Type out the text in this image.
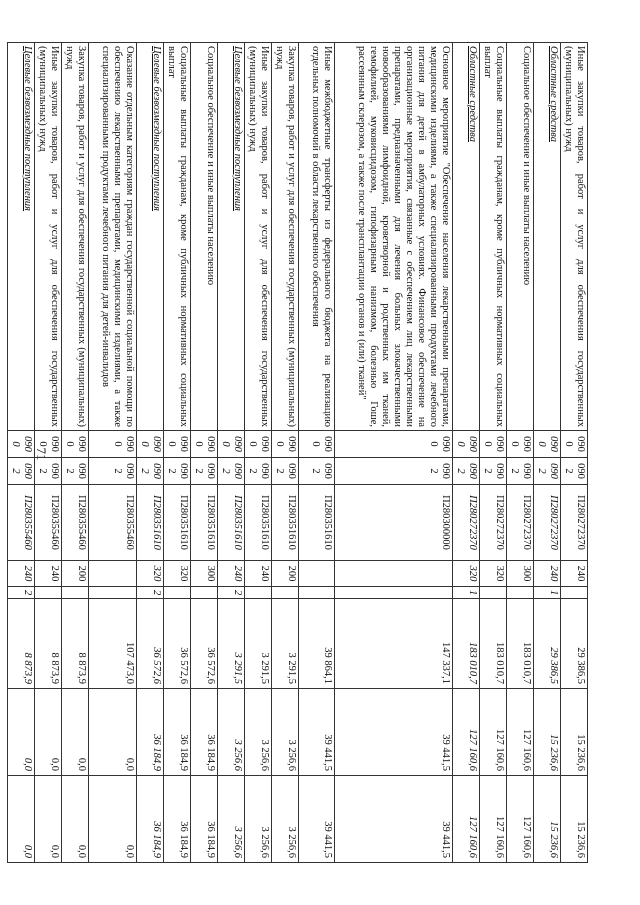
71
Иные закупки товаров, работ и услуг для обеспечения государственных (муниципальных) нужд	0900	0902	П280272370	240		29 386,5	15 236,6	15 236,6
Областные средства	0900	0902	П280272370	240	1	29 386,5	15 236,6	15 236,6
Социальное обеспечение и иные выплаты населению	0900	0902	П280272370	300		183 010,7	127 160,6	127 160,6
Социальные выплаты гражданам, кроме публичных нормативных социальных выплат	0900	0902	П280272370	320		183 010,7	127 160,6	127 160,6
Областные средства	0900	0902	П280272370	320	1	183 010,7	127 160,6	127 160,6
Основное мероприятие "Обеспечение населения лекарственными препаратами, медицинскими изделиями, а также специализированными продуктами лечебного питания для детей в амбулаторных условиях. Финансовое обеспечение на организационные мероприятия, связанные с обеспечением лиц лекарственными препаратами, предназначенными для лечения больных злокачественными новообразованиями лимфоидной, кроветворной и родственных им тканей, гемофилией, муковисцидозом, гипофизарным нанизмом, болезнью Гоше, рассеянным склерозом, а также после трансплантации органов и (или) тканей"	0900	0902	П280300000			147 337,1	39 441,5	39 441,5
Иные межбюджетные трансферты из федерального бюджета на реализацию отдельных полномочий в области лекарственного обеспечения	0900	0902	П280351610			39 864,1	39 441,5	39 441,5
Закупка товаров, работ и услуг для обеспечения государственных (муниципальных) нужд	0900	0902	П280351610	200		3 291,5	3 256,6	3 256,6
Иные закупки товаров, работ и услуг для обеспечения государственных (муниципальных) нужд	0900	0902	П280351610	240		3 291,5	3 256,6	3 256,6
Целевые безвозмездные поступления	0900	0902	П280351610	240	2	3 291,5	3 256,6	3 256,6
Социальное обеспечение и иные выплаты населению	0900	0902	П280351610	300		36 572,6	36 184,9	36 184,9
Социальные выплаты гражданам, кроме публичных нормативных социальных выплат	0900	0902	П280351610	320		36 572,6	36 184,9	36 184,9
Целевые безвозмездные поступления	0900	0902	П280351610	320	2	36 572,6	36 184,9	36 184,9
Оказание отдельным категориям граждан государственной социальной помощи по обеспечению лекарственными препаратами, медицинскими изделиями, а также специализированными продуктами лечебного питания для детей-инвалидов	0900	0902	П280355460			107 473,0	0,0	0,0
Закупка товаров, работ и услуг для обеспечения государственных (муниципальных) нужд	0900	0902	П280355460	200		8 873,9	0,0	0,0
Иные закупки товаров, работ и услуг для обеспечения государственных (муниципальных) нужд	0900	0902	П280355460	240		8 873,9	0,0	0,0
Целевые безвозмездные поступления	0900	0902	П280355460	240	2	8 873,9	0,0	0,0
